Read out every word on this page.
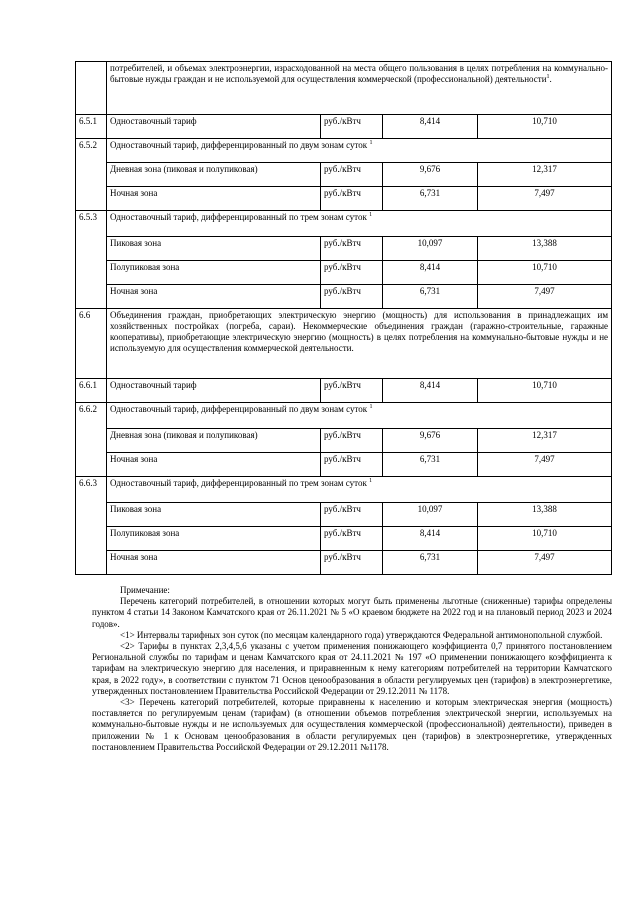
	потребителей, и объемах электроэнергии, израсходованной на места общего пользования в целях потребления на коммунально-бытовые нужды граждан и не используемой для осуществления коммерческой (профессиональной) деятельности$^1$.			
6.5.1	Одноставочный тариф	руб./кВтч	8,414	10,710
6.5.2	Одноставочный тариф, дифференцированный по двум зонам суток $^1$
	Дневная зона (пиковая и полупиковая)	руб./кВтч	9,676	12,317
	Ночная зона	руб./кВтч	6,731	7,497
6.5.3	Одноставочный тариф, дифференцированный по трем зонам суток $^1$
	Пиковая зона	руб./кВтч	10,097	13,388
	Полупиковая зона	руб./кВтч	8,414	10,710
	Ночная зона	руб./кВтч	6,731	7,497
6.6	Объединения граждан, приобретающих электрическую энергию (мощность) для использования в принадлежащих им хозяйственных постройках (погреба, сараи). Некоммерческие объединения граждан (гаражно-строительные, гаражные кооперативы), приобретающие электрическую энергию (мощность) в целях потребления на коммунально-бытовые нужды и не используемую для осуществления коммерческой деятельности.			
6.6.1	Одноставочный тариф	руб./кВтч	8,414	10,710
6.6.2	Одноставочный тариф, дифференцированный по двум зонам суток $^1$
	Дневная зона (пиковая и полупиковая)	руб./кВтч	9,676	12,317
	Ночная зона	руб./кВтч	6,731	7,497
6.6.3	Одноставочный тариф, дифференцированный по трем зонам суток $^1$
	Пиковая зона	руб./кВтч	10,097	13,388
	Полупиковая зона	руб./кВтч	8,414	10,710
	Ночная зона	руб./кВтч	6,731	7,497

Примечание:

Перечень категорий потребителей, в отношении которых могут быть применены льготные (сниженные) тарифы определены пунктом 4 статьи 14 Законом Камчатского края от 26.11.2021 № 5 «О краевом бюджете на 2022 год и на плановый период 2023 и 2024 годов».

<1> Интервалы тарифных зон суток (по месяцам календарного года) утверждаются Федеральной антимонопольной службой.

<2> Тарифы в пунктах 2,3,4,5,6 указаны с учетом применения понижающего коэффициента 0,7 принятого постановлением Региональной службы по тарифам и ценам Камчатского края от 24.11.2021 № 197 «О применении понижающего коэффициента к тарифам на электрическую энергию для населения, и приравненным к нему категориям потребителей на территории Камчатского края, в 2022 году», в соответствии с пунктом 71 Основ ценообразования в области регулируемых цен (тарифов) в электроэнергетике, утвержденных постановлением Правительства Российской Федерации от 29.12.2011 № 1178.

<3> Перечень категорий потребителей, которые приравнены к населению и которым электрическая энергия (мощность) поставляется по регулируемым ценам (тарифам) (в отношении объемов потребления электрической энергии, используемых на коммунально-бытовые нужды и не используемых для осуществления коммерческой (профессиональной) деятельности), приведен в приложении № 1 к Основам ценообразования в области регулируемых цен (тарифов) в электроэнергетике, утвержденных постановлением Правительства Российской Федерации от 29.12.2011 №1178.
